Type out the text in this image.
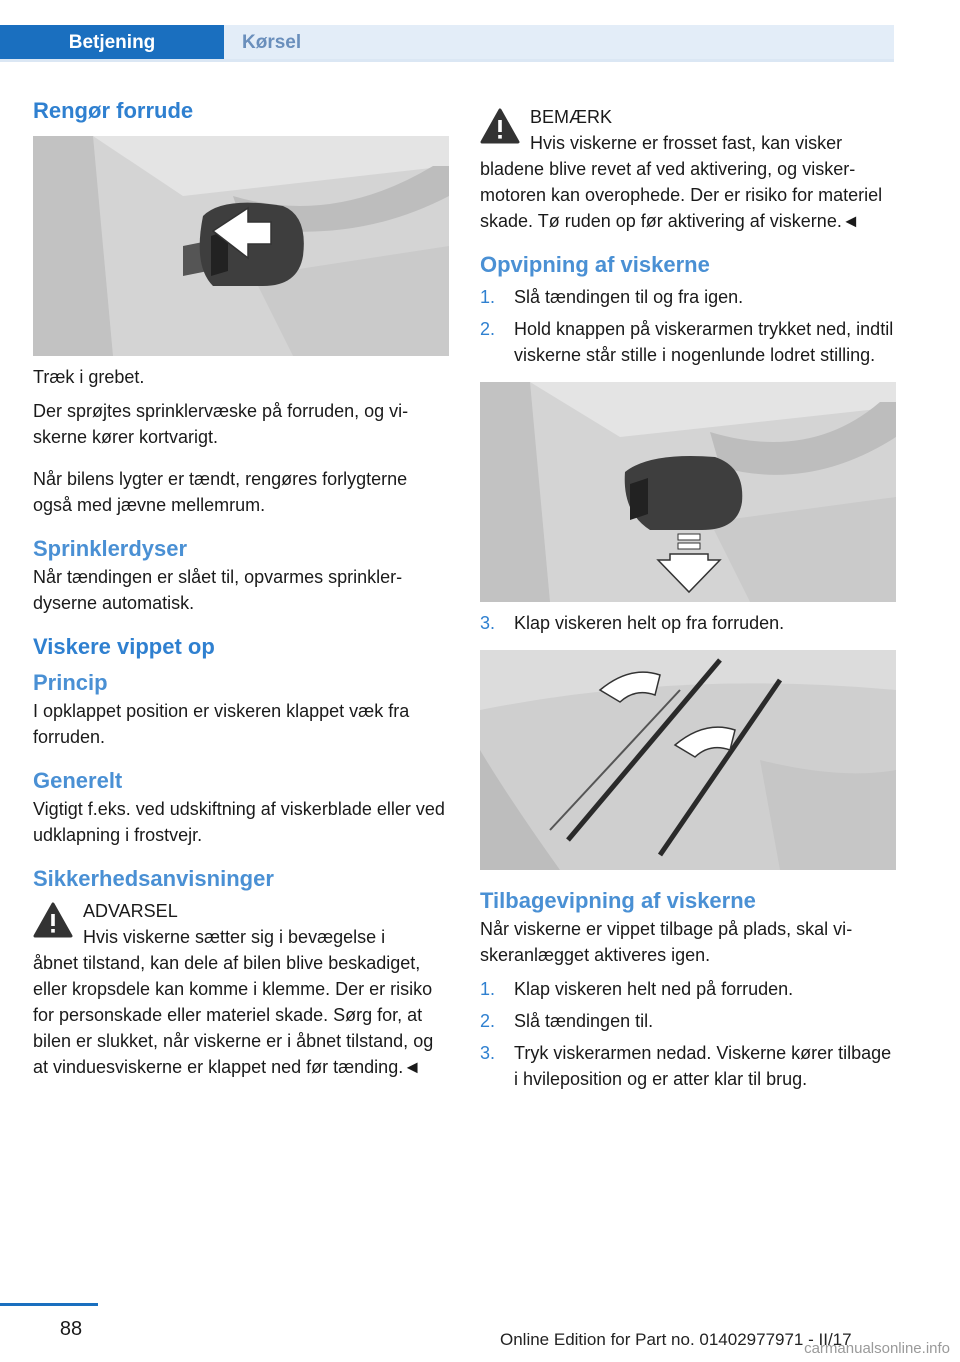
Betjening	Kørsel
Rengør forrude

Træk i grebet.

Der sprøjtes sprinklervæske på forruden, og viskerne kører kortvarigt.

Når bilens lygter er tændt, rengøres forlygterne også med jævne mellemrum.

Sprinklerdyser

Når tændingen er slået til, opvarmes sprinklerdyserne automatisk.

Viskere vippet op
Princip

I opklappet position er viskeren klappet væk fra forruden.

Generelt

Vigtigt f.eks. ved udskiftning af viskerblade eller ved udklapning i frostvejr.

Sikkerhedsanvisninger
ADVARSEL
Hvis viskerne sætter sig i bevægelse i
åbnet tilstand, kan dele af bilen blive beskadiget, eller kropsdele kan komme i klemme. Der er risiko for personskade eller materiel skade. Sørg for, at bilen er slukket, når viskerne er i åbnet tilstand, og at vinduesviskerne er klappet ned før tænding.◄
BEMÆRK
Hvis viskerne er frosset fast, kan visker
bladene blive revet af ved aktivering, og viskermotoren kan overophede. Der er risiko for materiel skade. Tø ruden op før aktivering af viskerne.◄
Opvipning af viskerne
1. Slå tændingen til og fra igen.
2. Hold knappen på viskerarmen trykket ned, indtil viskerne står stille i nogenlunde lodret stilling.
3. Klap viskeren helt op fra forruden.
Tilbagevipning af viskerne

Når viskerne er vippet tilbage på plads, skal viskeranlægget aktiveres igen.

1. Klap viskeren helt ned på forruden.
2. Slå tændingen til.
3. Tryk viskerarmen nedad. Viskerne kører tilbage i hvileposition og er atter klar til brug.
88	Online Edition for Part no. 01402977971 - II/17
carmanualsonline.info
